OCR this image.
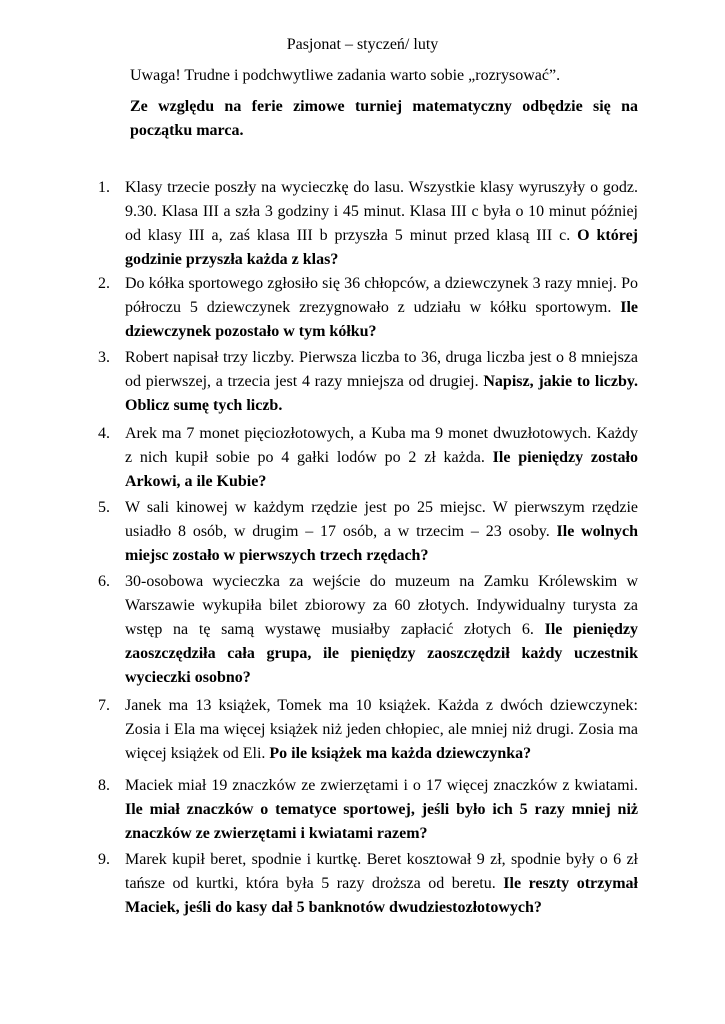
Pasjonat – styczeń/ luty
Uwaga! Trudne i podchwytliwe zadania warto sobie „rozrysować”.
Ze względu na ferie zimowe turniej matematyczny odbędzie się na początku marca.
1. Klasy trzecie poszły na wycieczkę do lasu. Wszystkie klasy wyruszyły o godz. 9.30. Klasa III a szła 3 godziny i 45 minut. Klasa III c była o 10 minut później od klasy III a, zaś klasa III b przyszła 5 minut przed klasą III c. O której godzinie przyszła każda z klas?
2. Do kółka sportowego zgłosiło się 36 chłopców, a dziewczynek 3 razy mniej. Po półroczu 5 dziewczynek zrezygnowało z udziału w kółku sportowym. Ile dziewczynek pozostało w tym kółku?
3. Robert napisał trzy liczby. Pierwsza liczba to 36, druga liczba jest o 8 mniejsza od pierwszej, a trzecia jest 4 razy mniejsza od drugiej. Napisz, jakie to liczby. Oblicz sumę tych liczb.
4. Arek ma 7 monet pięciozłotowych, a Kuba ma 9 monet dwuzłotowych. Każdy z nich kupił sobie po 4 gałki lodów po 2 zł każda. Ile pieniędzy zostało Arkowi, a ile Kubie?
5. W sali kinowej w każdym rzędzie jest po 25 miejsc. W pierwszym rzędzie usiadło 8 osób, w drugim – 17 osób, a w trzecim – 23 osoby. Ile wolnych miejsc zostało w pierwszych trzech rzędach?
6. 30-osobowa wycieczka za wejście do muzeum na Zamku Królewskim w Warszawie wykupiła bilet zbiorowy za 60 złotych. Indywidualny turysta za wstęp na tę samą wystawę musiałby zapłacić złotych 6. Ile pieniędzy zaoszczędziła cała grupa, ile pieniędzy zaoszczędził każdy uczestnik wycieczki osobno?
7. Janek ma 13 książek, Tomek ma 10 książek. Każda z dwóch dziewczynek: Zosia i Ela ma więcej książek niż jeden chłopiec, ale mniej niż drugi. Zosia ma więcej książek od Eli. Po ile książek ma każda dziewczynka?
8. Maciek miał 19 znaczków ze zwierzętami i o 17 więcej znaczków z kwiatami. Ile miał znaczków o tematyce sportowej, jeśli było ich 5 razy mniej niż znaczków ze zwierzętami i kwiatami razem?
9. Marek kupił beret, spodnie i kurtkę. Beret kosztował 9 zł, spodnie były o 6 zł tańsze od kurtki, która była 5 razy droższa od beretu. Ile reszty otrzymał Maciek, jeśli do kasy dał 5 banknotów dwudziestozłotowych?
